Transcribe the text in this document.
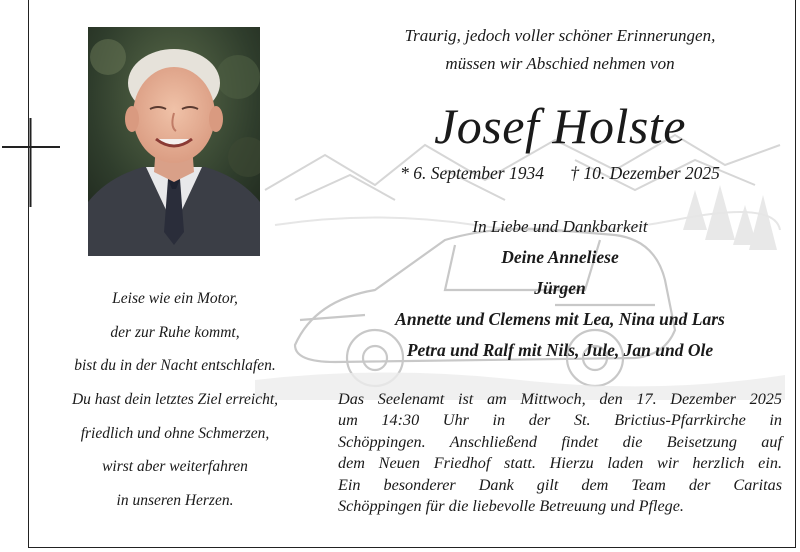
Leise wie ein Motor,
der zur Ruhe kommt,
bist du in der Nacht entschlafen.
Du hast dein letztes Ziel erreicht,
friedlich und ohne Schmerzen,
wirst aber weiterfahren
in unseren Herzen.
Traurig, jedoch voller schöner Erinnerungen,
müssen wir Abschied nehmen von
Josef Holste
* 6. September 1934 † 10. Dezember 2025
In Liebe und Dankbarkeit
Deine Anneliese
Jürgen
Annette und Clemens mit Lea, Nina und Lars
Petra und Ralf mit Nils, Jule, Jan und Ole
Das Seelenamt ist am Mittwoch, den 17. Dezember 2025
um 14:30 Uhr in der St. Brictius-Pfarrkirche in
Schöppingen. Anschließend findet die Beisetzung auf
dem Neuen Friedhof statt. Hierzu laden wir herzlich ein.
Ein besonderer Dank gilt dem Team der Caritas
Schöppingen für die liebevolle Betreuung und Pflege.
